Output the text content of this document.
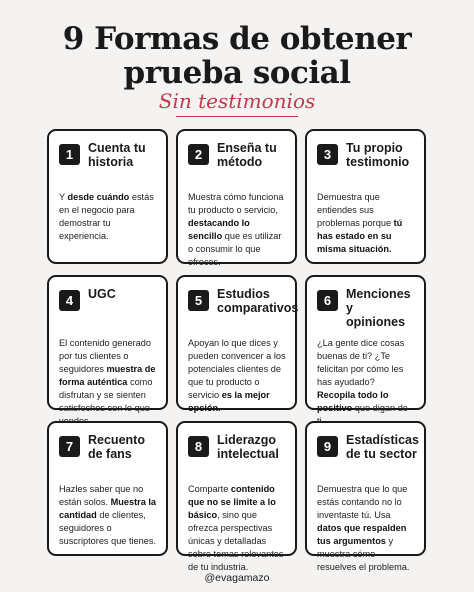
9 Formas de obtener prueba social
Sin testimonios
1	Cuenta tu historia
Y desde cuándo estás en el negocio para demostrar tu experiencia.
2	Enseña tu método
Muestra cómo funciona tu producto o servicio, destacando lo sencillo que es utilizar o consumir lo que ofreces.
3	Tu propio testimonio
Demuestra que entiendes sus problemas porque tú has estado en su misma situación.
4	UGC
El contenido generado por tus clientes o seguidores muestra de forma auténtica como disfrutan y se sienten satisfechos con lo que
5	Estudios comparativos
Apoyan lo que dices y pueden convencer a los potenciales clientes de que tu producto o servicio es la mejor opción.
6	Menciones y opiniones
¿La gente dice cosas buenas de ti? ¿Te felicitan por cómo les has ayudado? Recopila todo lo positivo que digan de
7	Recuento de fans
Hazles saber que no están solos. Muestra la cantidad de clientes, seguidores o suscriptores que tienes.
8	Liderazgo intelectual
Comparte contenido que no se limite a lo básico, sino que ofrezca perspectivas únicas y detalladas sobre temas relevantes de tu industria.
9	Estadísticas de tu sector
Demuestra que lo que estás contando no lo inventaste tú. Usa datos que respalden tus argumentos y muestra cómo resuelves el problema.
@evagamazo
